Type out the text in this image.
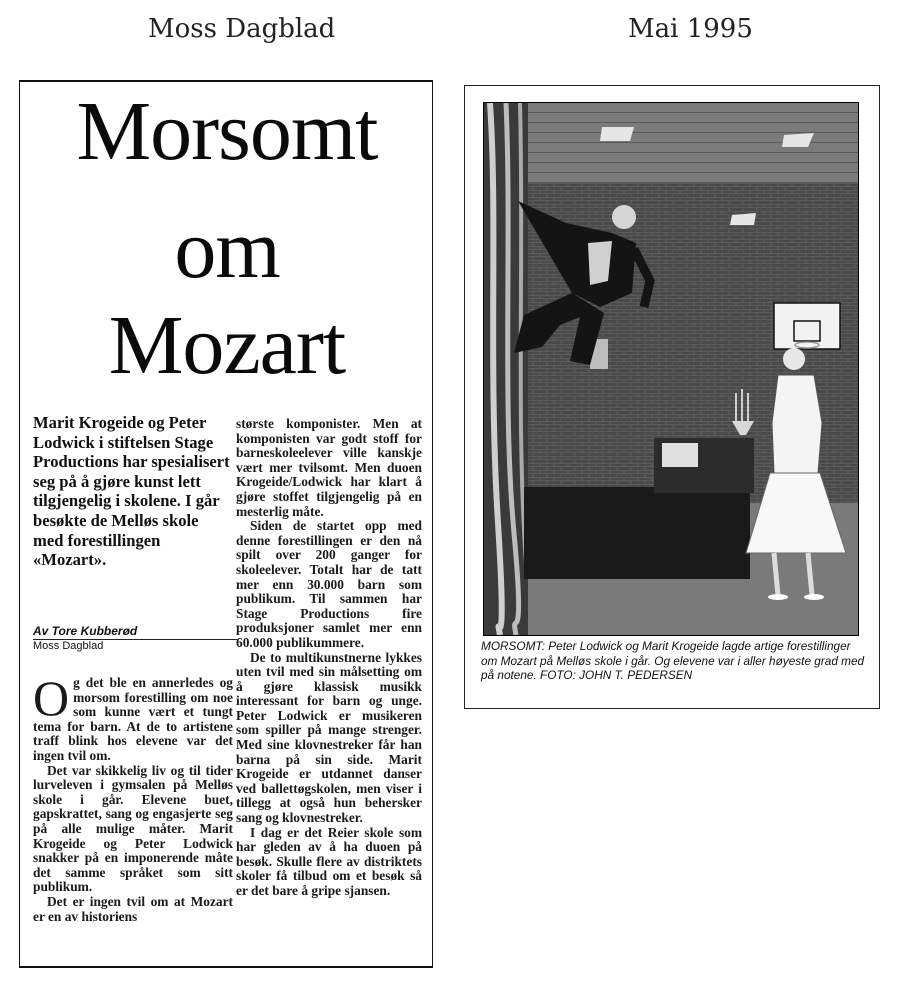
Moss Dagblad	Mai 1995
Morsomt
om
Mozart
Marit Krogeide og Peter Lodwick i stiftelsen Stage Productions har spesialisert seg på å gjøre kunst lett tilgjengelig i skolene. I går besøkte de Melløs skole med forestillingen «Mozart».
Av Tore Kubberød
Moss Dagblad

Og det ble en annerledes og morsom forestilling om noe som kunne vært et tungt tema for barn. At de to artistene traff blink hos elevene var det ingen tvil om.

Det var skikkelig liv og til tider lurveleven i gymsalen på Melløs skole i går. Elevene buet, gapskrattet, sang og engasjerte seg på alle mulige måter. Marit Krogeide og Peter Lodwick snakker på en imponerende måte det samme språket som sitt publikum.

Det er ingen tvil om at Mozart er en av historiens

største komponister. Men at komponisten var godt stoff for barneskoleelever ville kanskje vært mer tvilsomt. Men duoen Krogeide/Lodwick har klart å gjøre stoffet tilgjengelig på en mesterlig måte.

Siden de startet opp med denne forestillingen er den nå spilt over 200 ganger for skoleelever. Totalt har de tatt mer enn 30.000 barn som publikum. Til sammen har Stage Productions fire produksjoner samlet mer enn 60.000 publikummere.

De to multikunstnerne lykkes uten tvil med sin målsetting om å gjøre klassisk musikk interessant for barn og unge. Peter Lodwick er musikeren som spiller på mange strenger. Med sine klovnestreker får han barna på sin side. Marit Krogeide er utdannet danser ved ballettøgskolen, men viser i tillegg at også hun behersker sang og klovnestreker.

I dag er det Reier skole som har gleden av å ha duoen på besøk. Skulle flere av distriktets skoler få tilbud om et besøk så er det bare å gripe sjansen.

MORSOMT: Peter Lodwick og Marit Krogeide lagde artige forestillinger om Mozart på Melløs skole i går. Og elevene var i aller høyeste grad med på notene. FOTO: JOHN T. PEDERSEN
